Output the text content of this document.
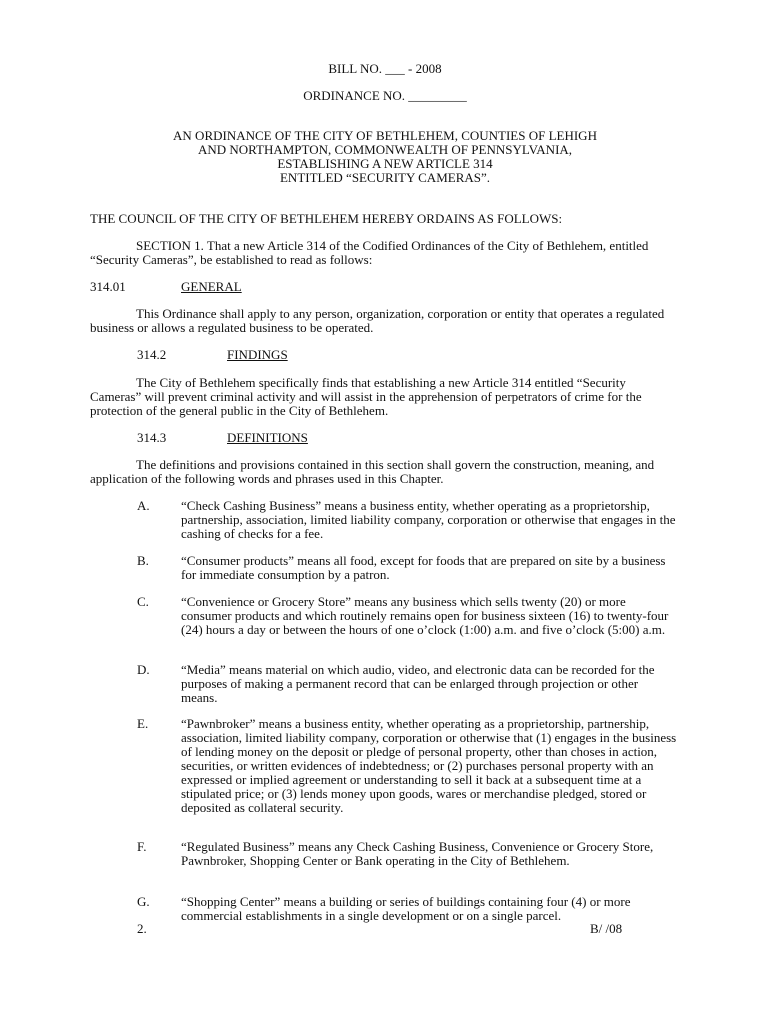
BILL NO. ___ - 2008
ORDINANCE NO. _________
AN ORDINANCE OF THE CITY OF BETHLEHEM, COUNTIES OF LEHIGH
AND NORTHAMPTON, COMMONWEALTH OF PENNSYLVANIA,
ESTABLISHING A NEW ARTICLE 314
ENTITLED “SECURITY CAMERAS”.
THE COUNCIL OF THE CITY OF BETHLEHEM HEREBY ORDAINS AS FOLLOWS:
SECTION 1. That a new Article 314 of the Codified Ordinances of the City of Bethlehem, entitled “Security Cameras”, be established to read as follows:
314.01	GENERAL
This Ordinance shall apply to any person, organization, corporation or entity that operates a regulated business or allows a regulated business to be operated.
314.2	FINDINGS
The City of Bethlehem specifically finds that establishing a new Article 314 entitled “Security Cameras” will prevent criminal activity and will assist in the apprehension of perpetrators of crime for the protection of the general public in the City of Bethlehem.
314.3	DEFINITIONS
The definitions and provisions contained in this section shall govern the construction, meaning, and application of the following words and phrases used in this Chapter.
A. “Check Cashing Business” means a business entity, whether operating as a proprietorship, partnership, association, limited liability company, corporation or otherwise that engages in the cashing of checks for a fee.
B. “Consumer products” means all food, except for foods that are prepared on site by a business for immediate consumption by a patron.
C. “Convenience or Grocery Store” means any business which sells twenty (20) or more consumer products and which routinely remains open for business sixteen (16) to twenty-four (24) hours a day or between the hours of one o’clock (1:00) a.m. and five o’clock (5:00) a.m.
D. “Media” means material on which audio, video, and electronic data can be recorded for the purposes of making a permanent record that can be enlarged through projection or other means.
E.	“Pawnbroker” means a business entity, whether operating as a proprietorship, partnership, association, limited liability company, corporation or otherwise that (1) engages in the business of lending money on the deposit or pledge of personal property, other than choses in action, securities, or written evidences of indebtedness; or (2) purchases personal property with an expressed or implied agreement or understanding to sell it back at a subsequent time at a stipulated price; or (3) lends money upon goods, wares or merchandise pledged, stored or deposited as collateral security.
F.	“Regulated Business” means any Check Cashing Business, Convenience or Grocery Store, Pawnbroker, Shopping Center or Bank operating in the City of Bethlehem.
G. “Shopping Center” means a building or series of buildings containing four (4) or more commercial establishments in a single development or on a single parcel.
2.	B/ /08
